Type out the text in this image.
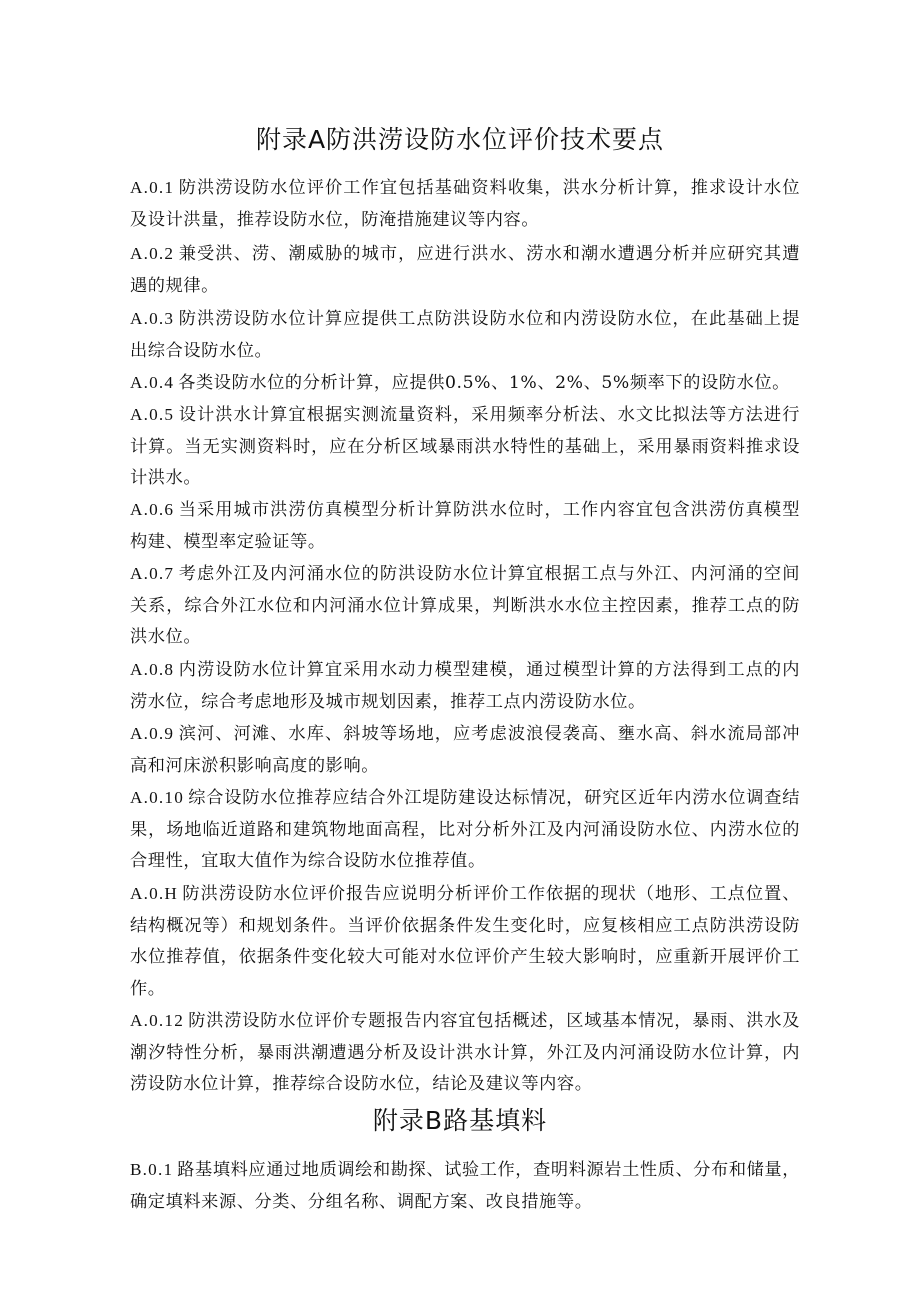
附录A防洪涝设防水位评价技术要点

A.0.1 防洪涝设防水位评价工作宜包括基础资料收集，洪水分析计算，推求设计水位及设计洪量，推荐设防水位，防淹措施建议等内容。

A.0.2 兼受洪、涝、潮威胁的城市，应进行洪水、涝水和潮水遭遇分析并应研究其遭遇的规律。

A.0.3 防洪涝设防水位计算应提供工点防洪设防水位和内涝设防水位，在此基础上提出综合设防水位。

A.0.4 各类设防水位的分析计算，应提供0.5%、1%、2%、5%频率下的设防水位。

A.0.5 设计洪水计算宜根据实测流量资料，采用频率分析法、水文比拟法等方法进行计算。当无实测资料时，应在分析区域暴雨洪水特性的基础上，采用暴雨资料推求设计洪水。

A.0.6 当采用城市洪涝仿真模型分析计算防洪水位时，工作内容宜包含洪涝仿真模型构建、模型率定验证等。

A.0.7 考虑外江及内河涌水位的防洪设防水位计算宜根据工点与外江、内河涌的空间关系，综合外江水位和内河涌水位计算成果，判断洪水水位主控因素，推荐工点的防洪水位。

A.0.8 内涝设防水位计算宜采用水动力模型建模，通过模型计算的方法得到工点的内涝水位，综合考虑地形及城市规划因素，推荐工点内涝设防水位。

A.0.9 滨河、河滩、水库、斜坡等场地，应考虑波浪侵袭高、壅水高、斜水流局部冲高和河床淤积影响高度的影响。

A.0.10 综合设防水位推荐应结合外江堤防建设达标情况，研究区近年内涝水位调查结果，场地临近道路和建筑物地面高程，比对分析外江及内河涌设防水位、内涝水位的合理性，宜取大值作为综合设防水位推荐值。

A.0.H 防洪涝设防水位评价报告应说明分析评价工作依据的现状（地形、工点位置、结构概况等）和规划条件。当评价依据条件发生变化时，应复核相应工点防洪涝设防水位推荐值，依据条件变化较大可能对水位评价产生较大影响时，应重新开展评价工作。

A.0.12 防洪涝设防水位评价专题报告内容宜包括概述，区域基本情况，暴雨、洪水及潮汐特性分析，暴雨洪潮遭遇分析及设计洪水计算，外江及内河涌设防水位计算，内涝设防水位计算，推荐综合设防水位，结论及建议等内容。

附录B路基填料

B.0.1 路基填料应通过地质调绘和勘探、试验工作，查明料源岩土性质、分布和储量，确定填料来源、分类、分组名称、调配方案、改良措施等。
